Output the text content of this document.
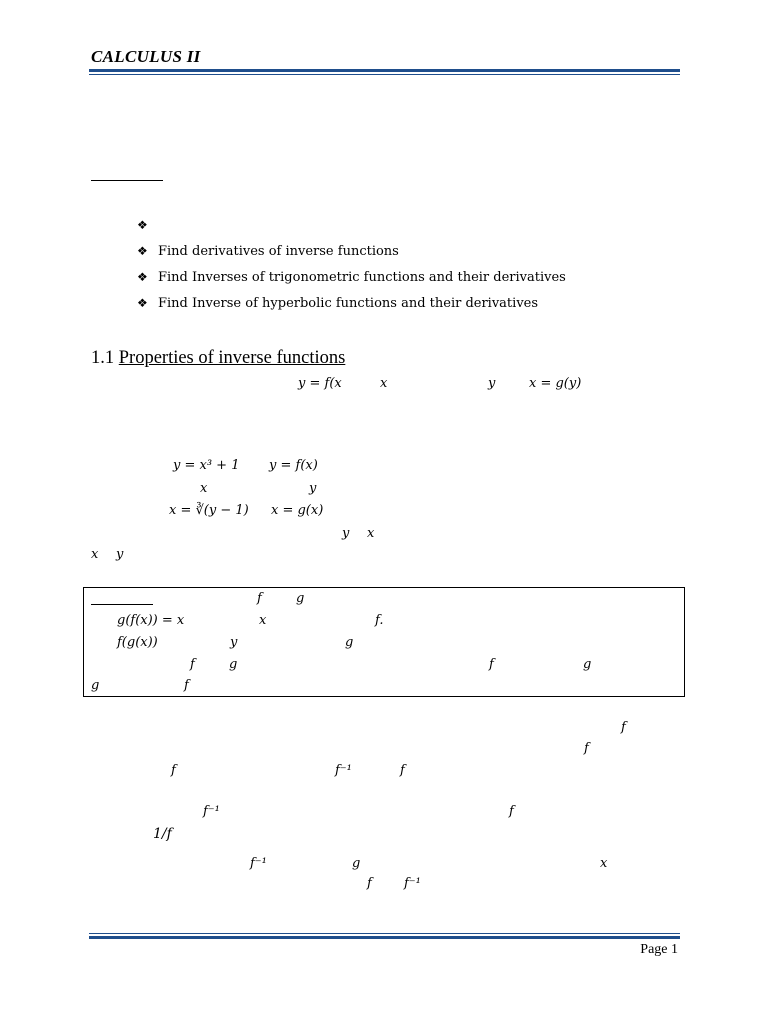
CALCULUS II
❖
❖ Find derivatives of inverse functions
❖ Find Inverses of trigonometric functions and their derivatives
❖ Find Inverse of hyperbolic functions and their derivatives
1.1 Properties of inverse functions
y = f(x	x	y	x = g(y)
y = x³ + 1 y = f(x)
x	y
x = ∛(y − 1) x = g(x)
y x
x y
f	g
g(f(x)) = x	x	f.
f(g(x))	y	g
f	g	f	g
g	f
f
f
f	f⁻¹	f
f⁻¹	f
1/f
f⁻¹	g	x
f f⁻¹
Page 1
